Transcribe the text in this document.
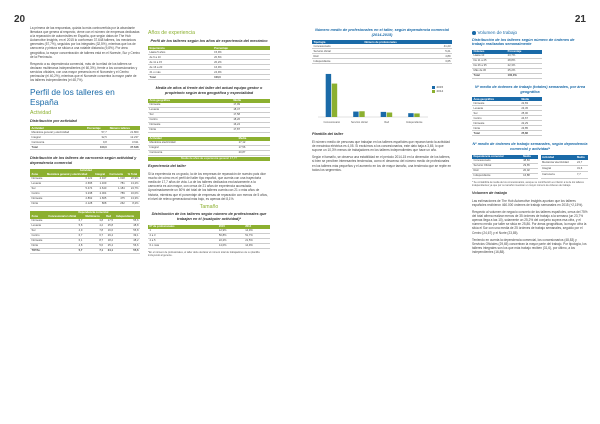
20

La primera de las respuestas, quizás la más controvertida por la abundante literatura que genera al respecto, viene con el número de empresas dedicadas a la reparación de automóviles en España, que según datos de The Hub Automotive Insights, en el 2015 lo conforman 37.648 talleres, los mecánicos generales (57,7%), seguidos por los integrales (32,5%), mientras que los de carrocería y pintura se sitúan a una notable distancia (9,8%). Por área geográfica, la mayor concentración de talleres está en el Noreste, Sur y Centro de la Península.

Respecto a su dependencia comercial, más de la mitad de los talleres se declaran multimarca independientes (el 60,3%), frente a los concesionarios y servicios oficiales, con una mayor presencia en el Noroeste y el Centro peninsular (el 40,2%), mientras que el Noroeste concentra la mayor parte de los talleres independientes (el 48,7%).

Perfil de los talleres en España
Actividad
Distribución por actividad
Actividad	Porcentaje	Número talleres
Mecánica general y electricidad	57,7	21.800
Integral	32,5	12.237
Carrocería	9,8	3.611
Total	100,0	37.648
Distribución de los talleres de carrocería según actividad y dependencia comercial
	Actividad			
Zona	Mecánica general y electricidad	Integral	Carrocería	% Total
Noroeste	6.122	2.947	1.018	26,9%
Levante	2.695	1.469	781	13,2%
Sur	5.474	2.640	1.184	24,7%
Centro	3.238	2.004	789	16,0%
Noroeste	2.862	1.665	475	13,3%
Norte	2.128	808	262	8,2%
	Dependencia comercial			
Zona	Concesionario/ oficial	Multimarca	Red	Independiente
Noroeste	6,7	3,8	17,5	55,6
Levante	5,8	4,2	25,8	48,8
Sur	4,9	7,8	16,6	55,8
Centro	6,7	6,7	29,4	39,1
Noroeste	6,1	8,7	18,2	48,2
Norte	4,8	5,6	25,4	56,6
TOTAL	5,7	7,1	24,1	55,6
Años de experiencia
Perfil de los talleres según los años de experiencia del mecánico
Experiencia	Porcentaje
Hasta 5 años	15,9%
de 6 a 10	20,6%
de 11 a 15	20,2%
de 16 a 20	16,9%
21 o más	24,9%
Total	100,0
Media de años al frente del taller del actual equipo gestor o propietario según área geográfica y especialidad
Área geográfica	Media
Noroeste	17,99
Levante	18,47
Sur	17,58
Centro	18,26
Noroeste	16,24
Norte	17,87
Actividad	Media
Mecánica electricidad	17,12
Integral	17,56
Carrocería	20,87
Media de años de experiencia general: 17,77
Experiencia del taller

Si la experiencia es un grado, la de los empresas de reparación de nuestro país dice mucho de cómo es el perfil del taller tipo español, que cuenta con una trayectoria media de 17,7 años de vida. La de los talleres dedicados exclusivamente a la carrocería es aún mayor, con cerca de 21 años de experiencia acumulada. Aproximadamente un 50% del total de los talleres cuenta con 21 o más años de historia, mientras que el porcentaje de empresas de reparación con menos de 5 años, el nivel de relevo generacional más bajo, es apenas del 8,1%.

Tamaño
Distribución de los talleres según número de profesionales que trabajan en él (cualquier actividad)*
Nº de profesionales	2015	2014
1	12,9%	14,9%
2 a 3	50,8%	51,7%
4 a 5	22,2%	21,5%
6 o más	14,0%	14,9%
*En el número de profesionales, el taller debe declarar el número total de trabajadores de su plantilla incluyendo al gerente.
21
Número medio de profesionales en el taller, según dependencia comercial (2014-2015)
Tipología	Número de profesionales
Concesionario	41,23
Servicio oficial	5,21
Red	4,89
Independiente	3,65
Concesionario	Servicio oficial	Red	Independiente
2015
2014
Plantilla del taller

El número medio de personas que trabajan en los talleres españoles que reparan tanto la actividad de mecánica eléctrica es 4,05. Si excluimos a los concesionarios, este dato baja a 3,65, lo que supone un 10,3% menos de trabajadores en los talleres independientes que hace un año.

Según el tamaño, se observa una estabilidad en el periodo 2014-15 en la dimensión de los talleres, si bien se perciben interesantes tendencias, como el descenso del número medio de profesionales en los talleres más pequeños y el aumento en los de mayor tamaño, una tendencia que se repite en todos los segmentos.

Volumen de trabajo
Distribución de los talleres según número de órdenes de trabajo realizadas semanalmente
Órdenes	Porcentaje
Hasta 10	23,7%
De 11 a 25	28,8%
De 26 a 35	22,3%
Más de 36	25,2%
Total	100,0%
Nº medio de órdenes de trabajo (totales) semanales, por área geográfica
Área geográfica	Media
Noroeste	22,83
Levante	23,45
Sur	25,00
Centro	24,67
Noroeste	22,29
Norte	23,85
Total	25,86
Nº medio de órdenes de trabajo semanales, según dependencia comercial y actividad*
Dependencia comercial	Media
Concesionario	48,83
Servicio Oficial	29,65
Red	20,02
Independiente	16,88
Actividad	Media
Mecánica/ electricidad	24,7
Integral	31,6
Carrocería	7,7
* Se contabiliza la media de los concesionarios, aunque su contribución es inferior a la de los talleres independientes ya que por su tamaño muestran un mayor número de órdenes de trabajo.
Volumen de trabajo

Las estimaciones de The Hub Automotive Insights apuntan que los talleres españoles recibieron 460.000 órdenes de trabajo semanales en 2015 (+2,15%).

Respecto al volumen de negocio concreto de los talleres españoles, cerca del 75% del total afirma realizar menos de 35 órdenes de trabajo a la semana (un 23,7% apenas llega a las 10), solamente un 25,2% del conjunto supera esa cifra, y el número medio por taller se sitúa en 25,86. Por áreas geográficas, la mayor cifra la sitúa el Sur con una media de 25 órdenes de trabajo semanales, seguido por el Centro (24,67) y el Norte (23,85).

Teniendo en cuenta la dependencia comercial, los concesionarios (48,83) y Servicios Oficiales (29,65) concentran la mayor parte del trabajo. Por tipología, los talleres integrales son los que más trabajo reciben (31,6), por último, a los independientes (16,88).
